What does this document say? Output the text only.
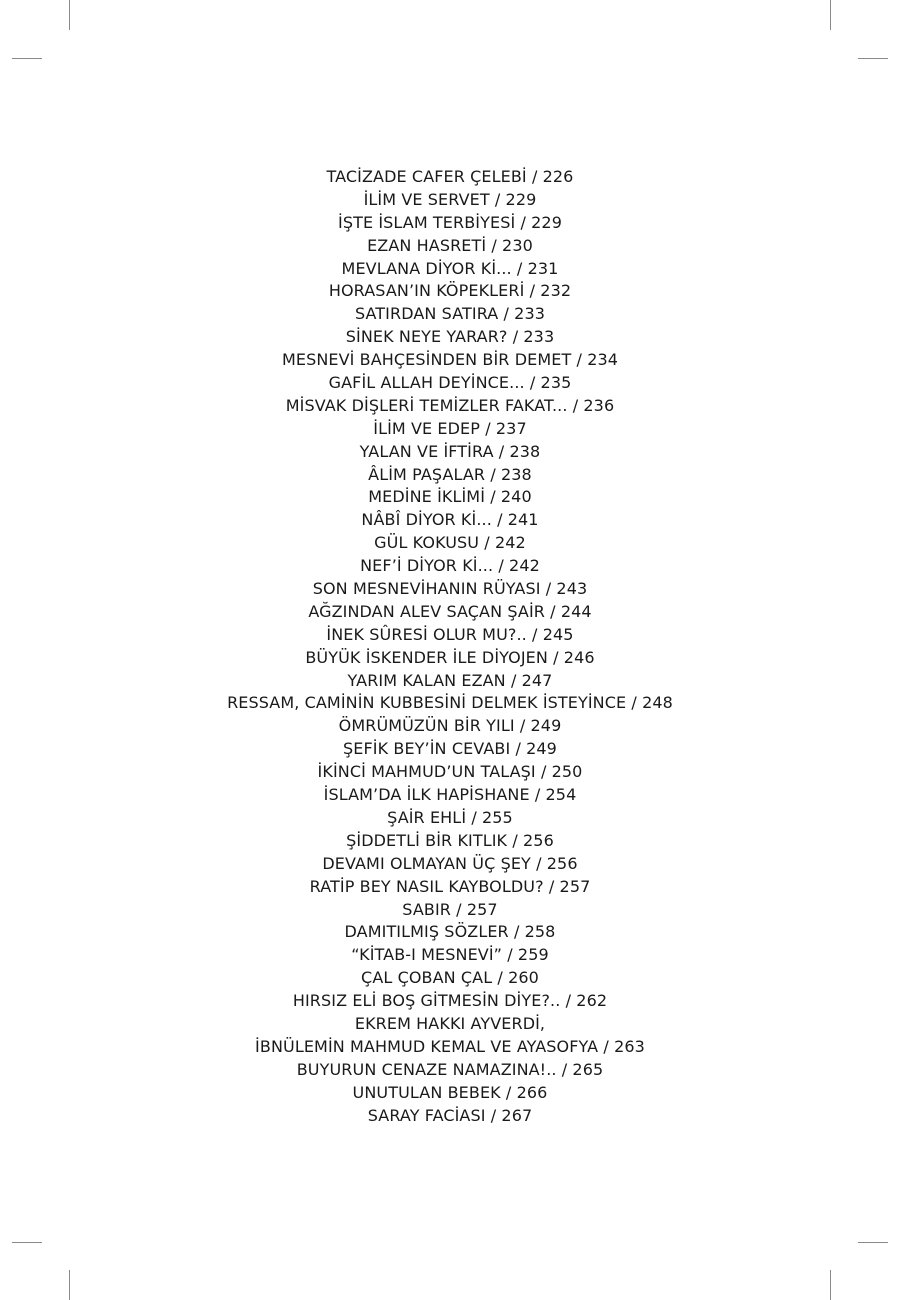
TACİZADE CAFER ÇELEBİ / 226
İLİM VE SERVET / 229
İŞTE İSLAM TERBİYESİ / 229
EZAN HASRETİ / 230
MEVLANA DİYOR Kİ... / 231
HORASAN’IN KÖPEKLERİ / 232
SATIRDAN SATIRA / 233
SİNEK NEYE YARAR? / 233
MESNEVİ BAHÇESİNDEN BİR DEMET / 234
GAFİL ALLAH DEYİNCE... / 235
MİSVAK DİŞLERİ TEMİZLER FAKAT... / 236
İLİM VE EDEP / 237
YALAN VE İFTİRA / 238
ÂLİM PAŞALAR / 238
MEDİNE İKLİMİ / 240
NÂBÎ DİYOR Kİ... / 241
GÜL KOKUSU / 242
NEF’İ DİYOR Kİ... / 242
SON MESNEVİHANIN RÜYASI / 243
AĞZINDAN ALEV SAÇAN ŞAİR / 244
İNEK SÛRESİ OLUR MU?.. / 245
BÜYÜK İSKENDER İLE DİYOJEN / 246
YARIM KALAN EZAN / 247
RESSAM, CAMİNİN KUBBESİNİ DELMEK İSTEYİNCE / 248
ÖMRÜMÜZÜN BİR YILI / 249
ŞEFİK BEY’İN CEVABI / 249
İKİNCİ MAHMUD’UN TALAŞI / 250
İSLAM’DA İLK HAPİSHANE / 254
ŞAİR EHLİ / 255
ŞİDDETLİ BİR KITLIK / 256
DEVAMI OLMAYAN ÜÇ ŞEY / 256
RATİP BEY NASIL KAYBOLDU? / 257
SABIR / 257
DAMITILMIŞ SÖZLER / 258
“KİTAB-I MESNEVİ” / 259
ÇAL ÇOBAN ÇAL / 260
HIRSIZ ELİ BOŞ GİTMESİN DİYE?.. / 262
EKREM HAKKI AYVERDİ,
İBNÜLEMİN MAHMUD KEMAL VE AYASOFYA / 263
BUYURUN CENAZE NAMAZINA!.. / 265
UNUTULAN BEBEK / 266
SARAY FACİASI / 267
